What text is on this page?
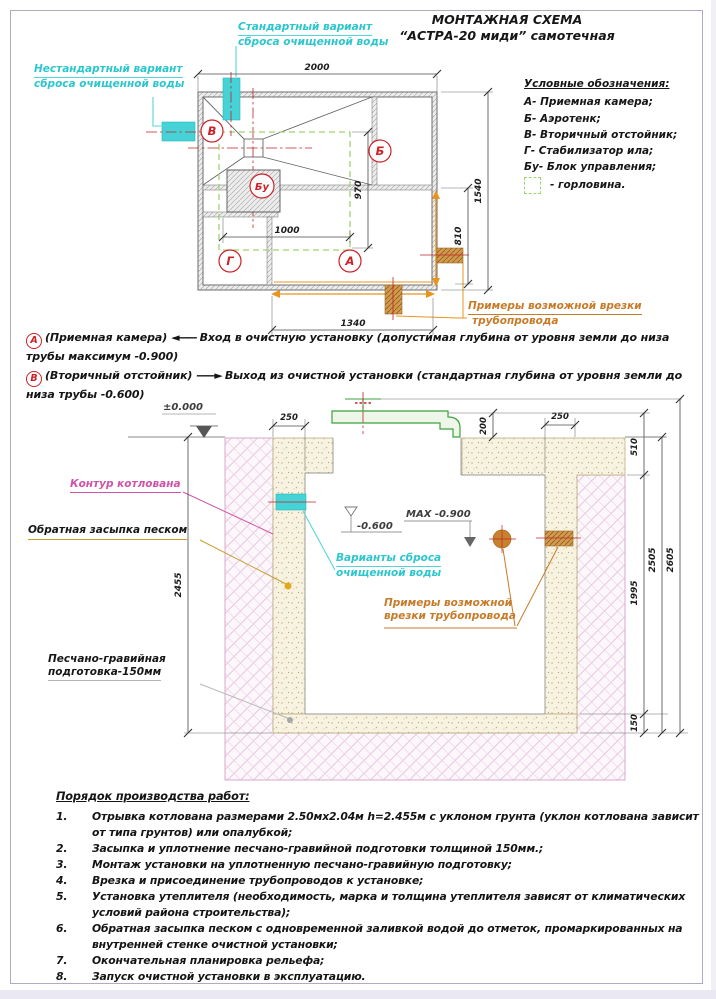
МОНТАЖНАЯ СХЕМА
“АСТРА-20 миди” самотечная
2000
970
1000
1540
810
1340
В
Б
Бу
Г	А
±0.000
-0.600
МАХ -0.900
2455
250	250
200
510
1995
150
2505 2605
Стандартный вариант
сброса очищенной воды
Нестандартный вариант
сброса очищенной воды
Примеры возможной врезки
трубопровода
Условные обозначения:
А- Приемная камера;
Б- Аэротенк;
В- Вторичный отстойник;
Г- Стабилизатор ила;
Бу- Блок управления;
- горловина.

А (Приемная камера) ◄—— Вход в очистную установку (допустимая глубина от уровня земли до низа трубы максимум -0.900)

В (Вторичный отстойник) ——► Выход из очистной установки (стандартная глубина от уровня земли до низа трубы -0.600)

Контур котлована
Обратная засыпка песком
Песчано-гравийная
подготовка-150мм
Варианты сброса
очищенной воды
Примеры возможной
врезки трубопровода
Порядок производства работ:
1.	Отрывка котлована размерами 2.50мх2.04м h=2.455м с уклоном грунта (уклон котлована зависит от типа грунтов) или опалубкой;
2.	Засыпка и уплотнение песчано-гравийной подготовки толщиной 150мм.;
3.	Монтаж установки на уплотненную песчано-гравийную подготовку;
4.	Врезка и присоединение трубопроводов к установке;
5.	Установка утеплителя (необходимость, марка и толщина утеплителя зависят от климатических условий района строительства);
6.	Обратная засыпка песком с одновременной заливкой водой до отметок, промаркированных на внутренней стенке очистной установки;
7.	Окончательная планировка рельефа;
8.	Запуск очистной установки в эксплуатацию.
